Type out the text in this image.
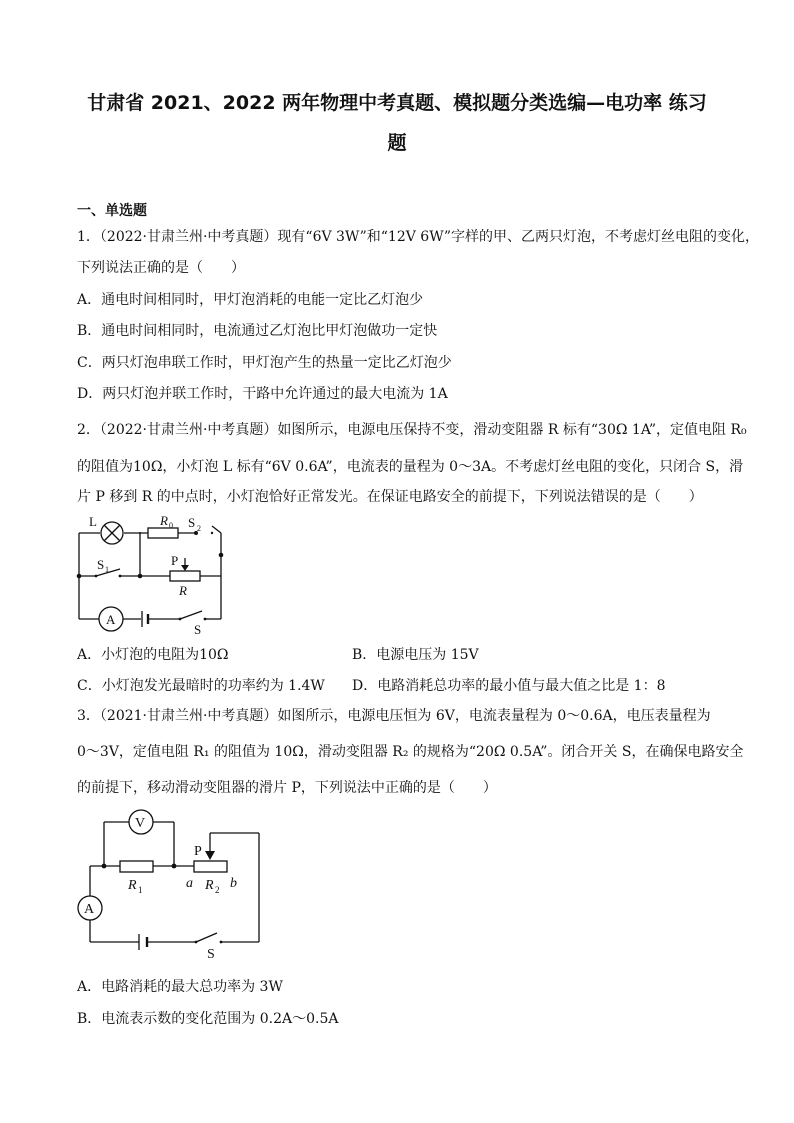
甘肃省 2021、2022 两年物理中考真题、模拟题分类选编—电功率 练习
题
一、单选题
1．（2022·甘肃兰州·中考真题）现有“6V 3W”和“12V 6W”字样的甲、乙两只灯泡，不考虑灯丝电阻的变化，
下列说法正确的是（　　）
A．通电时间相同时，甲灯泡消耗的电能一定比乙灯泡少
B．通电时间相同时，电流通过乙灯泡比甲灯泡做功一定快
C．两只灯泡串联工作时，甲灯泡产生的热量一定比乙灯泡少
D．两只灯泡并联工作时，干路中允许通过的最大电流为 1A
2．（2022·甘肃兰州·中考真题）如图所示，电源电压保持不变，滑动变阻器 R 标有“30Ω 1A”，定值电阻 R₀
的阻值为10Ω，小灯泡 L 标有“6V 0.6A”，电流表的量程为 0～3A。不考虑灯丝电阻的变化，只闭合 S，滑
片 P 移到 R 的中点时，小灯泡恰好正常发光。在保证电路安全的前提下，下列说法错误的是（　　）
L	R 0 S 2
S 1
P
R
A
S
A．小灯泡的电阻为10Ω	B．电源电压为 15V
C．小灯泡发光最暗时的功率约为 1.4W D．电路消耗总功率的最小值与最大值之比是 1：8
3．（2021·甘肃兰州·中考真题）如图所示，电源电压恒为 6V，电流表量程为 0～0.6A，电压表量程为
0～3V，定值电阻 R₁ 的阻值为 10Ω，滑动变阻器 R₂ 的规格为“20Ω 0.5A”。闭合开关 S，在确保电路安全
的前提下，移动滑动变阻器的滑片 P，下列说法中正确的是（　　）
V
A
P
R 1	a R 2 b
S
A．电路消耗的最大总功率为 3W
B．电流表示数的变化范围为 0.2A～0.5A
